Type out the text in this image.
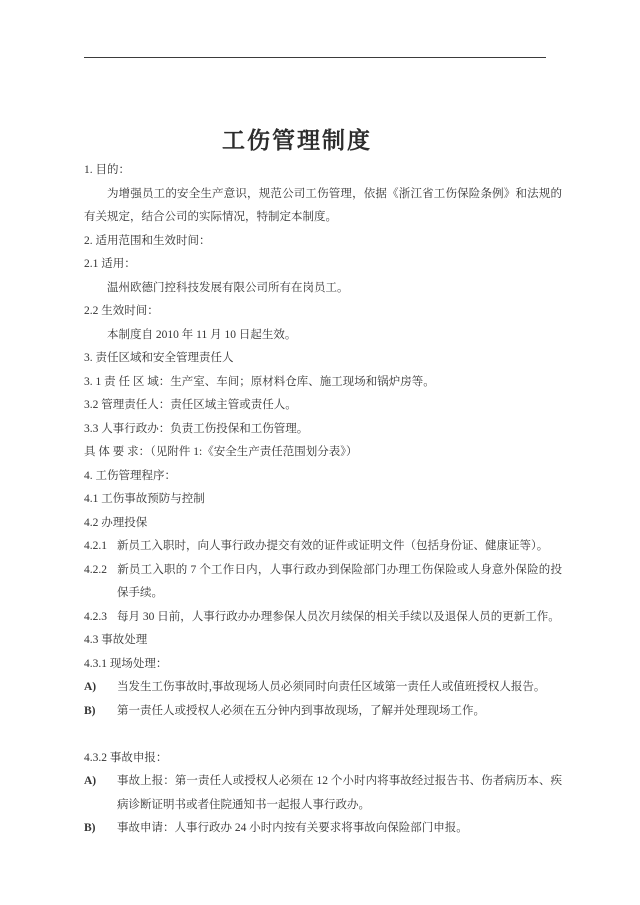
工伤管理制度

1. 目的：

为增强员工的安全生产意识，规范公司工伤管理，依据《浙江省工伤保险条例》和法规的有关规定，结合公司的实际情况，特制定本制度。

2. 适用范围和生效时间：

2.1 适用：

温州欧德门控科技发展有限公司所有在岗员工。

2.2 生效时间：

本制度自 2010 年 11 月 10 日起生效。

3. 责任区域和安全管理责任人

3. 1 责 任 区 域：生产室、车间；原材料仓库、施工现场和锅炉房等。

3.2 管理责任人：责任区域主管或责任人。

3.3 人事行政办：负责工伤投保和工伤管理。

具 体 要 求：（见附件 1:《安全生产责任范围划分表》）

4. 工伤管理程序：

4.1 工伤事故预防与控制

4.2 办理投保

4.2.1 新员工入职时，向人事行政办提交有效的证件或证明文件（包括身份证、健康证等）。

4.2.2 新员工入职的 7 个工作日内，人事行政办到保险部门办理工伤保险或人身意外保险的投保手续。

4.2.3 每月 30 日前，人事行政办办理参保人员次月续保的相关手续以及退保人员的更新工作。

4.3 事故处理

4.3.1 现场处理：

A) 当发生工伤事故时,事故现场人员必须同时向责任区域第一责任人或值班授权人报告。

B) 第一责任人或授权人必须在五分钟内到事故现场，了解并处理现场工作。

4.3.2 事故申报：

A) 事故上报：第一责任人或授权人必须在 12 个小时内将事故经过报告书、伤者病历本、疾病诊断证明书或者住院通知书一起报人事行政办。

B) 事故申请：人事行政办 24 小时内按有关要求将事故向保险部门申报。
